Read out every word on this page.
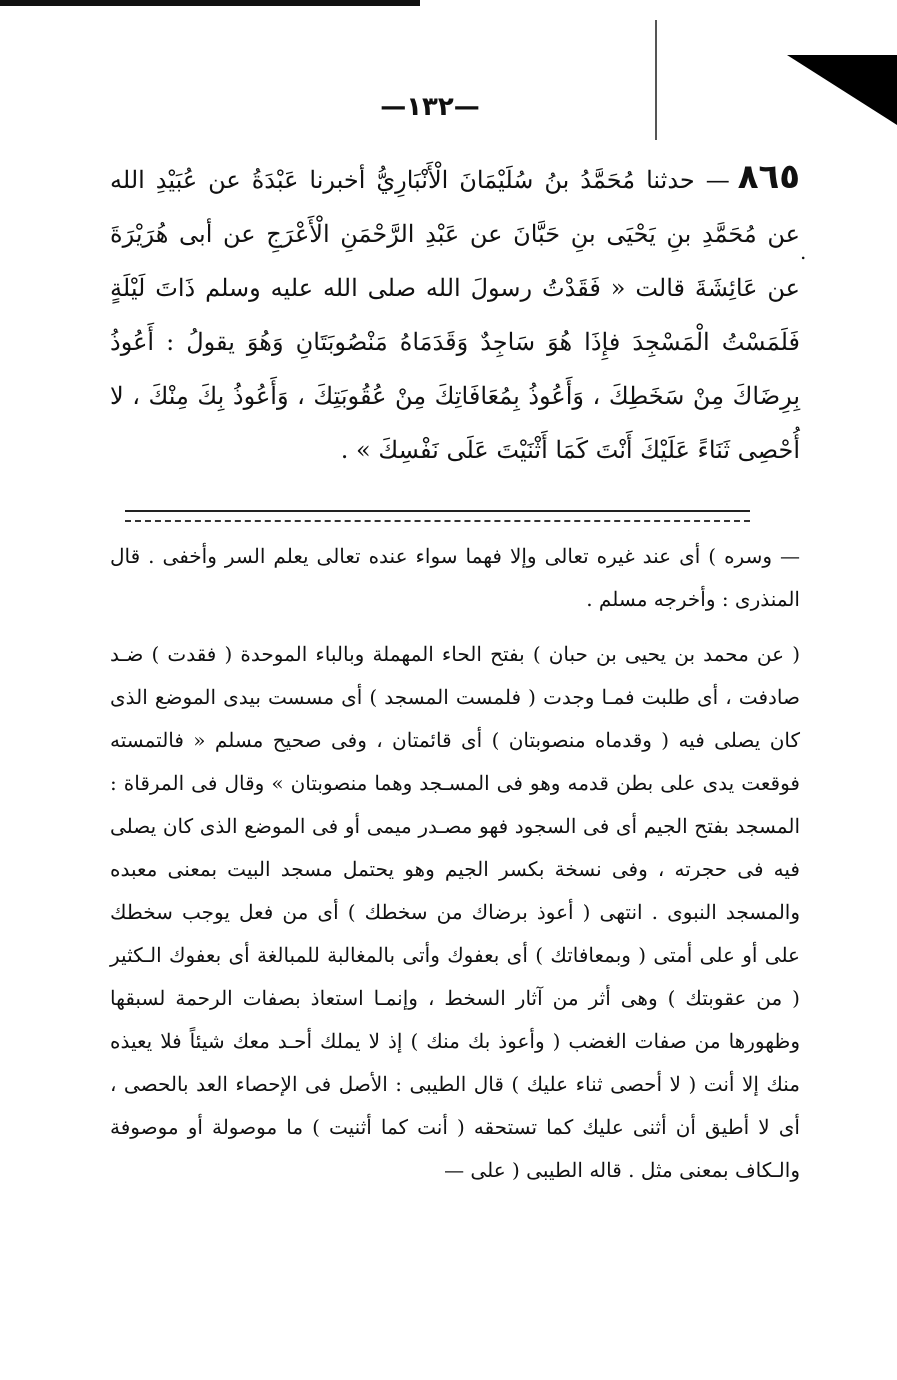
—١٣٢—
٨٦٥— حدثنا مُحَمَّدُ بنُ سُلَيْمَانَ الْأَنْبَارِيُّ أخبرنا عَبْدَةُ عن عُبَيْدِ الله عن مُحَمَّدِ بنِ يَحْيَى بنِ حَبَّانَ عن عَبْدِ الرَّحْمَنِ الْأَعْرَجِ عن أبى هُرَيْرَةَ عن عَائِشَةَ قالت « فَقَدْتُ رسولَ الله صلى الله عليه وسلم ذَاتَ لَيْلَةٍ فَلَمَسْتُ الْمَسْجِدَ فإِذَا هُوَ سَاجِدٌ وَقَدَمَاهُ مَنْصُوبَتَانِ وَهُوَ يقولُ : أَعُوذُ بِرِضَاكَ مِنْ سَخَطِكَ ، وَأَعُوذُ بِمُعَافَاتِكَ مِنْ عُقُوبَتِكَ ، وَأَعُوذُ بِكَ مِنْكَ ، لا أُحْصِى ثَنَاءً عَلَيْكَ أَنْتَ كَمَا أَثْنَيْتَ عَلَى نَفْسِكَ » .
.

— وسره ) أى عند غيره تعالى وإلا فهما سواء عنده تعالى يعلم السر وأخفى . قال المنذرى : وأخرجه مسلم .

( عن محمد بن يحيى بن حبان ) بفتح الحاء المهملة وبالباء الموحدة ( فقدت ) ضـد صادفت ، أى طلبت فمـا وجدت ( فلمست المسجد ) أى مسست بيدى الموضع الذى كان يصلى فيه ( وقدماه منصوبتان ) أى قائمتان ، وفى صحيح مسلم « فالتمسته فوقعت يدى على بطن قدمه وهو فى المسـجد وهما منصوبتان » وقال فى المرقاة : المسجد بفتح الجيم أى فى السجود فهو مصـدر ميمى أو فى الموضع الذى كان يصلى فيه فى حجرته ، وفى نسخة بكسر الجيم وهو يحتمل مسجد البيت بمعنى معبده والمسجد النبوى . انتهى ( أعوذ برضاك من سخطك ) أى من فعل يوجب سخطك على أو على أمتى ( وبمعافاتك ) أى بعفوك وأتى بالمغالبة للمبالغة أى بعفوك الـكثير ( من عقوبتك ) وهى أثر من آثار السخط ، وإنمـا استعاذ بصفات الرحمة لسبقها وظهورها من صفات الغضب ( وأعوذ بك منك ) إذ لا يملك أحـد معك شيئاً فلا يعيذه منك إلا أنت ( لا أحصى ثناء عليك ) قال الطيبى : الأصل فى الإحصاء العد بالحصى ، أى لا أطيق أن أثنى عليك كما تستحقه ( أنت كما أثنيت ) ما موصولة أو موصوفة والـكاف بمعنى مثل . قاله الطيبى ( على —
